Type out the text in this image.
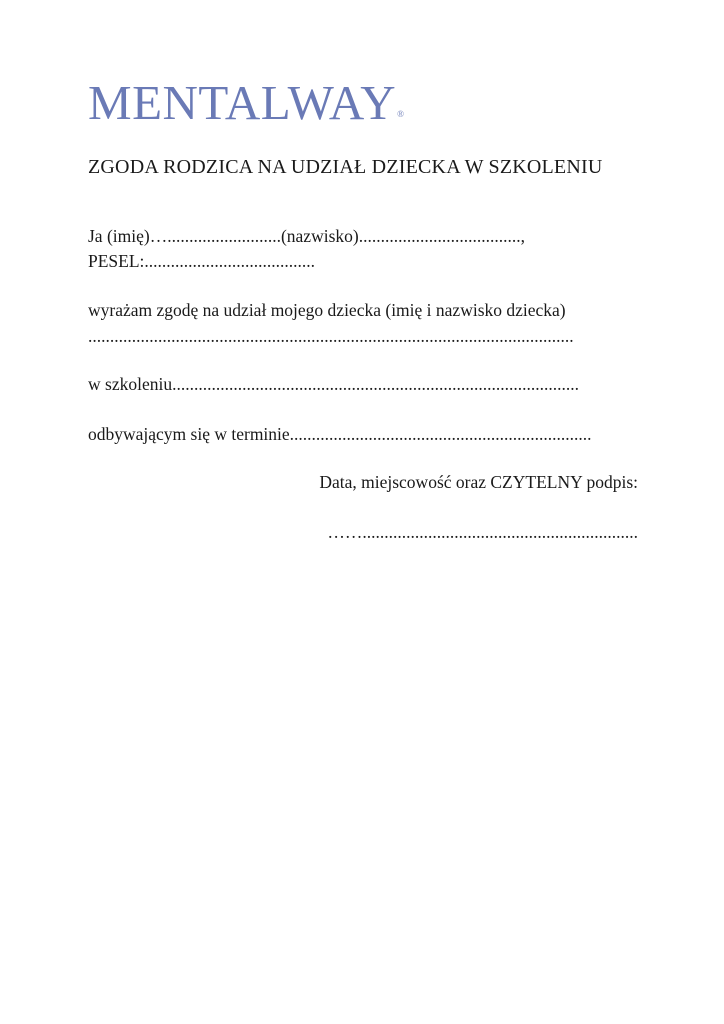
MENTALWAY®
ZGODA RODZICA NA UDZIAŁ DZIECKA W SZKOLENIU
Ja (imię)…..........................(nazwisko).....................................,
PESEL:.......................................
wyrażam zgodę na udział mojego dziecka (imię i nazwisko dziecka)
...............................................................................................................
w szkoleniu.............................................................................................
odbywającym się w terminie.....................................................................
Data, miejscowość oraz CZYTELNY podpis:
……...............................................................
